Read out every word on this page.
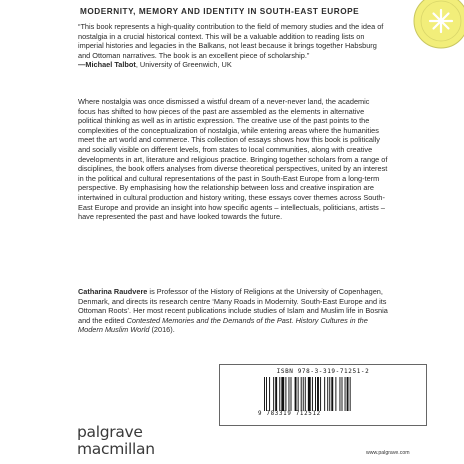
MODERNITY, MEMORY AND IDENTITY IN SOUTH-EAST EUROPE

“This book represents a high-quality contribution to the field of memory studies and the idea of nostalgia in a crucial historical context. This will be a valuable addition to reading lists on imperial histories and legacies in the Balkans, not least because it brings together Habsburg and Ottoman narratives. The book is an excellent piece of scholarship.”

—Michael Talbot, University of Greenwich, UK

Where nostalgia was once dismissed a wistful dream of a never-never land, the academic focus has shifted to how pieces of the past are assembled as the elements in alternative political thinking as well as in artistic expression. The creative use of the past points to the complexities of the conceptualization of nostalgia, while entering areas where the humanities meet the art world and commerce. This collection of essays shows how this book is politically and socially visible on different levels, from states to local communities, along with creative developments in art, literature and religious practice. Bringing together scholars from a range of disciplines, the book offers analyses from diverse theoretical perspectives, united by an interest in the political and cultural representations of the past in South-East Europe from a long-term perspective. By emphasising how the relationship between loss and creative inspiration are intertwined in cultural production and history writing, these essays cover themes across South-East Europe and provide an insight into how specific agents – intellectuals, politicians, artists – have represented the past and have looked towards the future.

Catharina Raudvere is Professor of the History of Religions at the University of Copenhagen, Denmark, and directs its research centre ‘Many Roads in Modernity. South-East Europe and its Ottoman Roots’. Her most recent publications include studies of Islam and Muslim life in Bosnia and the edited Contested Memories and the Demands of the Past. History Cultures in the Modern Muslim World (2016).

ISBN 978-3-319-71251-2
9 783319 712512
www.palgrave.com
palgrave
macmillan
